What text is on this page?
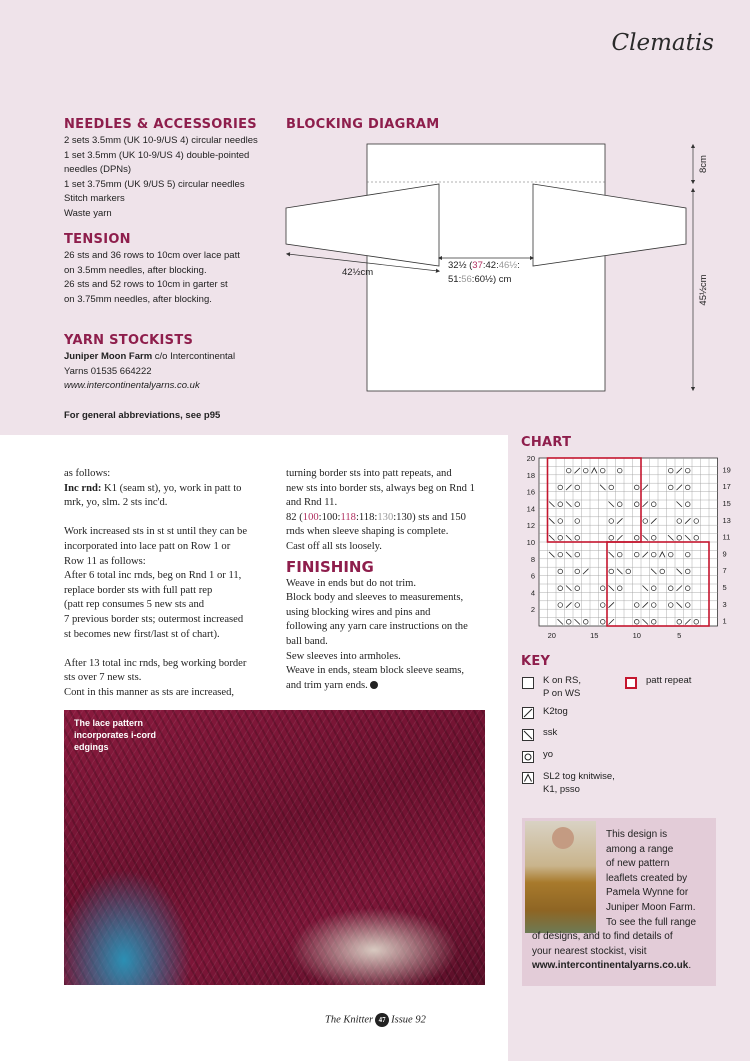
Clematis
NEEDLES & ACCESSORIES
2 sets 3.5mm (UK 10-9/US 4) circular needles
1 set 3.5mm (UK 10-9/US 4) double-pointed
needles (DPNs)
1 set 3.75mm (UK 9/US 5) circular needles
Stitch markers
Waste yarn
TENSION
26 sts and 36 rows to 10cm over lace patt
on 3.5mm needles, after blocking.
26 sts and 52 rows to 10cm in garter st
on 3.75mm needles, after blocking.
YARN STOCKISTS
Juniper Moon Farm c/o Intercontinental
Yarns 01535 664222
www.intercontinentalyarns.co.uk
For general abbreviations, see p95
BLOCKING DIAGRAM
42½cm
8cm
45½cm
32½ (37:42:46½:
51:56:60½) cm
as follows:
Inc rnd: K1 (seam st), yo, work in patt to
mrk, yo, slm. 2 sts inc'd.
Work increased sts in st st until they can be
incorporated into lace patt on Row 1 or
Row 11 as follows:
After 6 total inc rnds, beg on Rnd 1 or 11,
replace border sts with full patt rep
(patt rep consumes 5 new sts and
7 previous border sts; outermost increased
st becomes new first/last st of chart).
After 13 total inc rnds, beg working border
sts over 7 new sts.
Cont in this manner as sts are increased,
turning border sts into patt repeats, and
new sts into border sts, always beg on Rnd 1
and Rnd 11.
82 (100:100:118:118:130:130) sts and 150
rnds when sleeve shaping is complete.
Cast off all sts loosely.
FINISHING
Weave in ends but do not trim.
Block body and sleeves to measurements,
using blocking wires and pins and
following any yarn care instructions on the
ball band.
Sew sleeves into armholes.
Weave in ends, steam block sleeve seams,
and trim yarn ends.
The lace pattern
incorporates i-cord
edgings
CHART
20
18
16
14
12
10
8
6
4
2
19
17
15
13
11
9
7
5
3
1
20	15	10	5
KEY
K on RS,
P on WS
K2tog
ssk
yo
SL2 tog knitwise,
K1, psso
patt repeat
This design is
among a range
of new pattern
leaflets created by
Pamela Wynne for
Juniper Moon Farm.
To see the full range
of designs, and to find details of
your nearest stockist, visit
www.intercontinentalyarns.co.uk.
The Knitter 47 Issue 92
